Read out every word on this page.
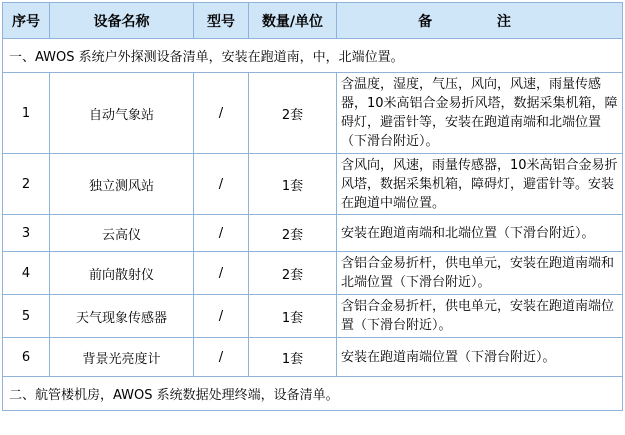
序号	设备名称	型号	数量/单位	备 注
一、AWOS 系统户外探测设备清单，安装在跑道南，中，北端位置。				
1	自动气象站	/	2套	含温度，湿度，气压，风向，风速，雨量传感器，10米高铝合金易折风塔，数据采集机箱，障碍灯，避雷针等，安装在跑道南端和北端位置（下滑台附近）。
2	独立测风站	/	1套	含风向，风速，雨量传感器，10米高铝合金易折风塔，数据采集机箱，障碍灯，避雷针等。安装在跑道中端位置。
3	云高仪	/	2套	安装在跑道南端和北端位置（下滑台附近）。
4	前向散射仪	/	2套	含铝合金易折杆，供电单元，安装在跑道南端和北端位置（下滑台附近）。
5	天气现象传感器	/	1套	含铝合金易折杆，供电单元，安装在跑道南端位置（下滑台附近）。
6	背景光亮度计	/	1套	安装在跑道南端位置（下滑台附近）。
二、航管楼机房，AWOS 系统数据处理终端，设备清单。				
